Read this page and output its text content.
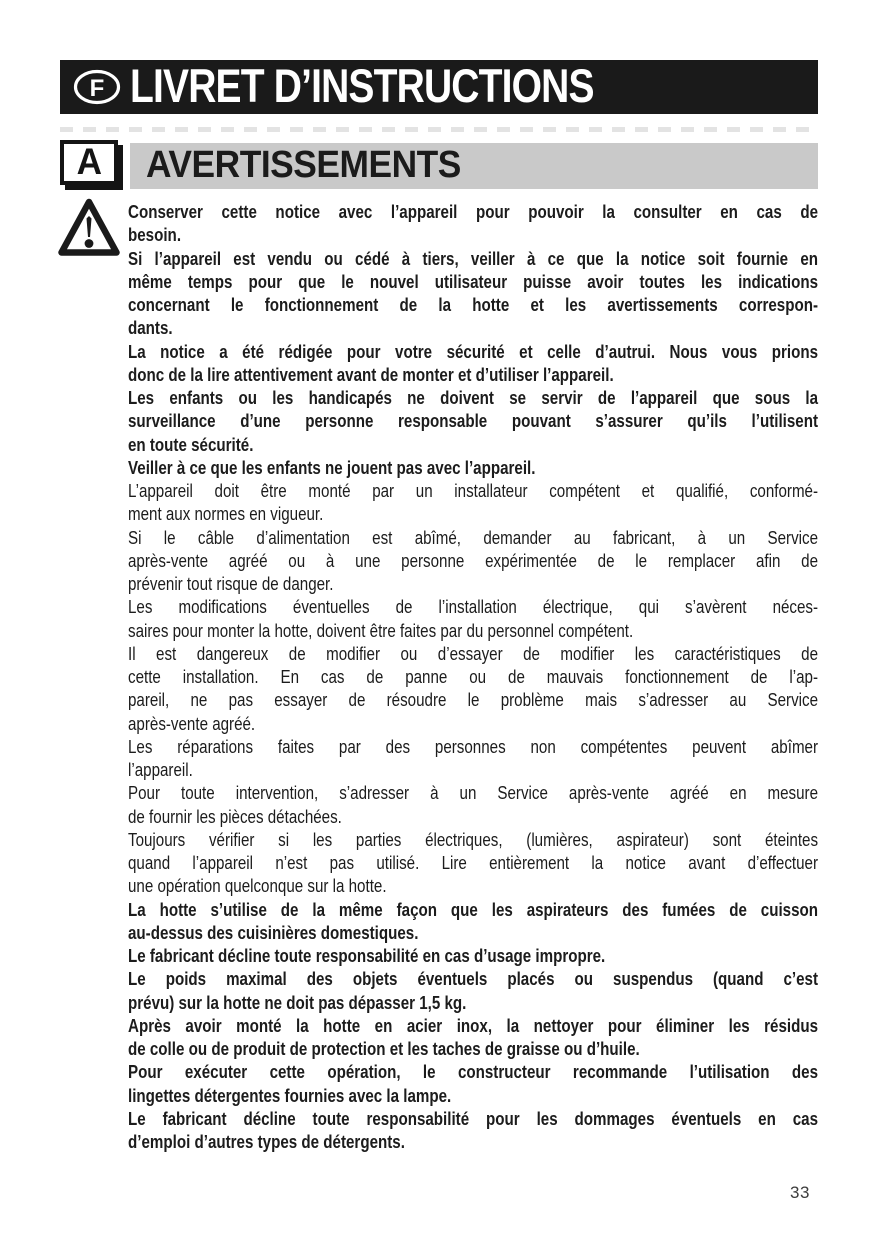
F LIVRET D’INSTRUCTIONS
A AVERTISSEMENTS
Conserver cette notice avec l’appareil pour pouvoir la consulter en cas de
besoin.
Si l’appareil est vendu ou cédé à tiers, veiller à ce que la notice soit fournie en
même temps pour que le nouvel utilisateur puisse avoir toutes les indications
concernant le fonctionnement de la hotte et les avertissements correspon-
dants.
La notice a été rédigée pour votre sécurité et celle d’autrui. Nous vous prions
donc de la lire attentivement avant de monter et d’utiliser l’appareil.
Les enfants ou les handicapés ne doivent se servir de l’appareil que sous la
surveillance d’une personne responsable pouvant s’assurer qu’ils l’utilisent
en toute sécurité.
Veiller à ce que les enfants ne jouent pas avec l’appareil.
L’appareil doit être monté par un installateur compétent et qualifié, conformé-
ment aux normes en vigueur.
Si le câble d’alimentation est abîmé, demander au fabricant, à un Service
après-vente agréé ou à une personne expérimentée de le remplacer afin de
prévenir tout risque de danger.
Les modifications éventuelles de l’installation électrique, qui s’avèrent néces-
saires pour monter la hotte, doivent être faites par du personnel compétent.
Il est dangereux de modifier ou d’essayer de modifier les caractéristiques de
cette installation. En cas de panne ou de mauvais fonctionnement de l’ap-
pareil, ne pas essayer de résoudre le problème mais s’adresser au Service
après-vente agréé.
Les réparations faites par des personnes non compétentes peuvent abîmer
l’appareil.
Pour toute intervention, s’adresser à un Service après-vente agréé en mesure
de fournir les pièces détachées.
Toujours vérifier si les parties électriques, (lumières, aspirateur) sont éteintes
quand l’appareil n’est pas utilisé. Lire entièrement la notice avant d’effectuer
une opération quelconque sur la hotte.
La hotte s’utilise de la même façon que les aspirateurs des fumées de cuisson
au-dessus des cuisinières domestiques.
Le fabricant décline toute responsabilité en cas d’usage impropre.
Le poids maximal des objets éventuels placés ou suspendus (quand c’est
prévu) sur la hotte ne doit pas dépasser 1,5 kg.
Après avoir monté la hotte en acier inox, la nettoyer pour éliminer les résidus
de colle ou de produit de protection et les taches de graisse ou d’huile.
Pour exécuter cette opération, le constructeur recommande l’utilisation des
lingettes détergentes fournies avec la lampe.
Le fabricant décline toute responsabilité pour les dommages éventuels en cas
d’emploi d’autres types de détergents.
33
